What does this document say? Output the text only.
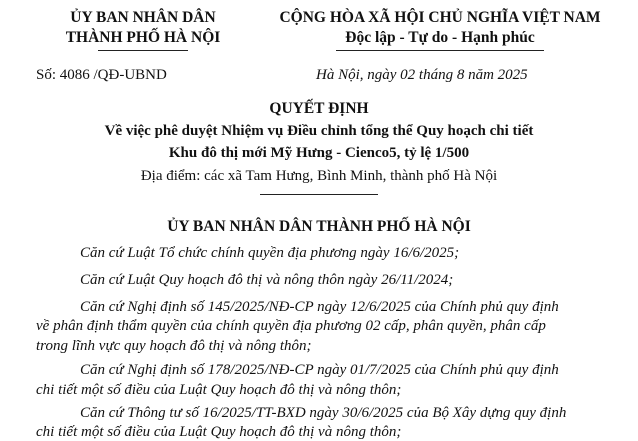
ỦY BAN NHÂN DÂN
THÀNH PHỐ HÀ NỘI
CỘNG HÒA XÃ HỘI CHỦ NGHĨA VIỆT NAM
Độc lập - Tự do - Hạnh phúc
Số: 4086 /QĐ-UBND	Hà Nội, ngày 02 tháng 8 năm 2025
QUYẾT ĐỊNH
Về việc phê duyệt Nhiệm vụ Điều chỉnh tổng thể Quy hoạch chi tiết
Khu đô thị mới Mỹ Hưng - Cienco5, tỷ lệ 1/500
Địa điểm: các xã Tam Hưng, Bình Minh, thành phố Hà Nội
ỦY BAN NHÂN DÂN THÀNH PHỐ HÀ NỘI
Căn cứ Luật Tổ chức chính quyền địa phương ngày 16/6/2025;
Căn cứ Luật Quy hoạch đô thị và nông thôn ngày 26/11/2024;
Căn cứ Nghị định số 145/2025/NĐ-CP ngày 12/6/2025 của Chính phủ quy định
về phân định thẩm quyền của chính quyền địa phương 02 cấp, phân quyền, phân cấp
trong lĩnh vực quy hoạch đô thị và nông thôn;
Căn cứ Nghị định số 178/2025/NĐ-CP ngày 01/7/2025 của Chính phủ quy định
chi tiết một số điều của Luật Quy hoạch đô thị và nông thôn;
Căn cứ Thông tư số 16/2025/TT-BXD ngày 30/6/2025 của Bộ Xây dựng quy định
chi tiết một số điều của Luật Quy hoạch đô thị và nông thôn;
